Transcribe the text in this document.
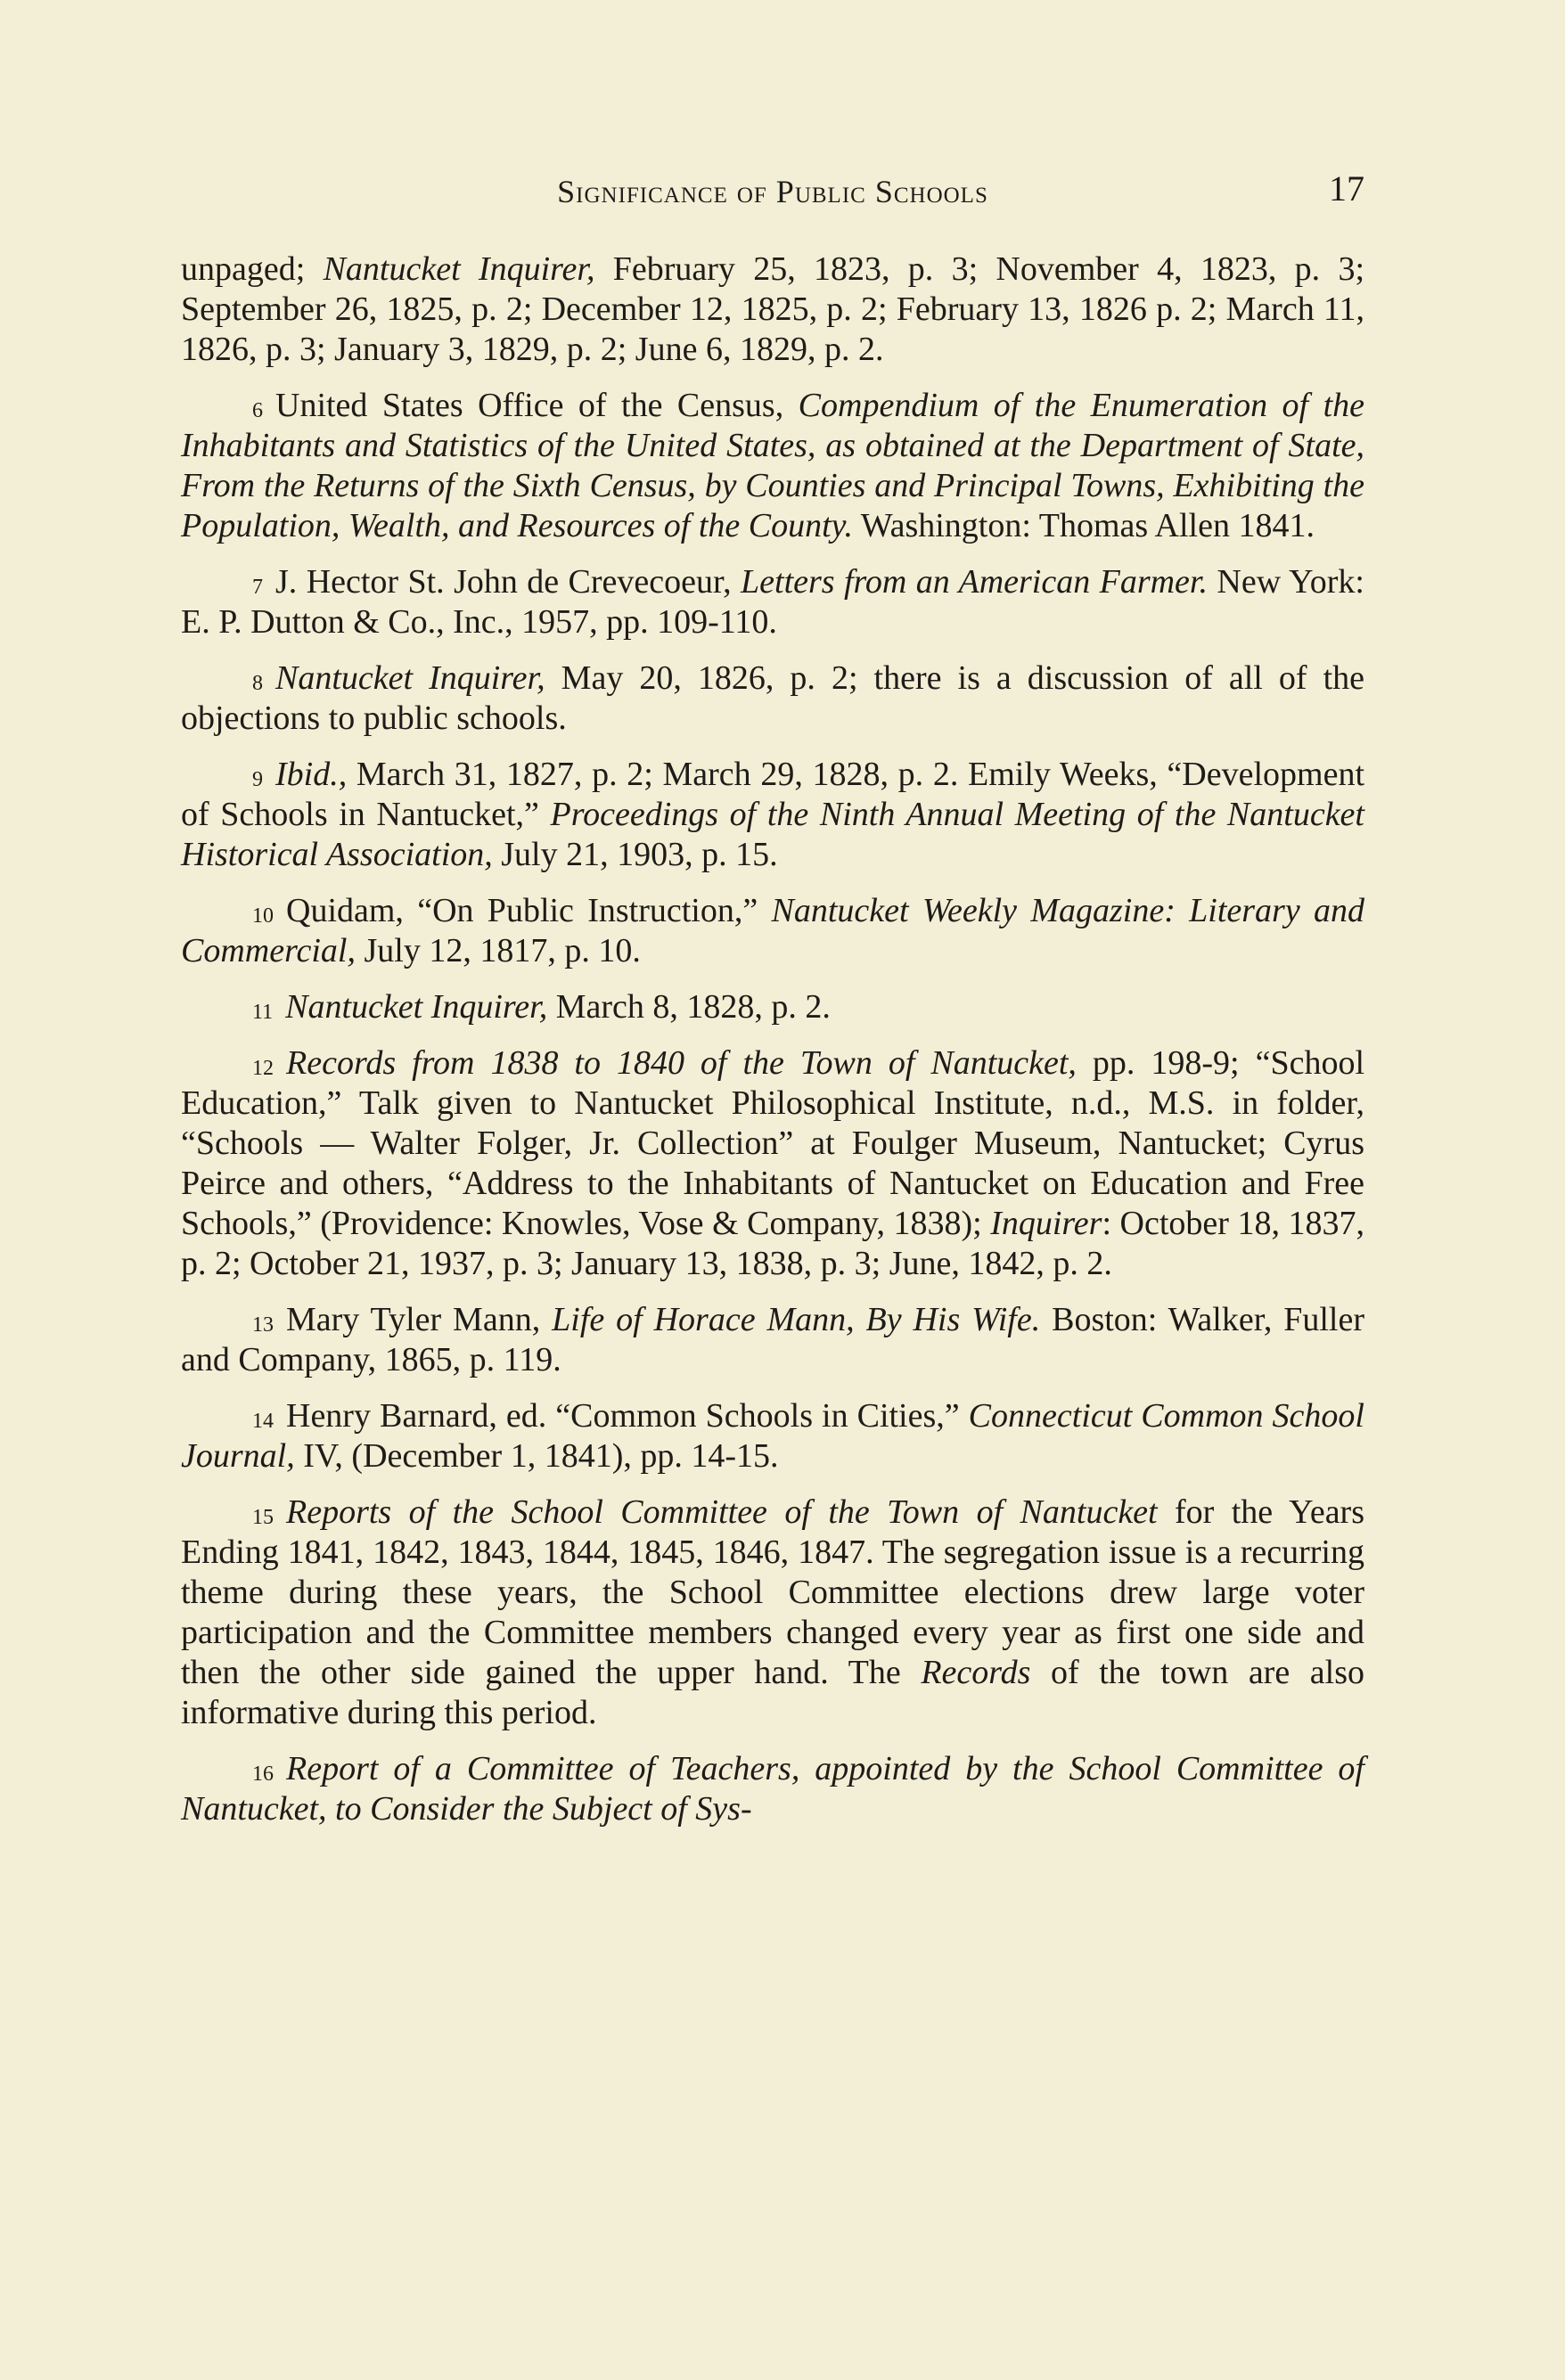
Significance of Public Schools	17

unpaged; Nantucket Inquirer, February 25, 1823, p. 3; November 4, 1823, p. 3; September 26, 1825, p. 2; December 12, 1825, p. 2; February 13, 1826 p. 2; March 11, 1826, p. 3; January 3, 1829, p. 2; June 6, 1829, p. 2.

$^6$ United States Office of the Census, Compendium of the Enumeration of the Inhabitants and Statistics of the United States, as obtained at the Department of State, From the Returns of the Sixth Census, by Counties and Principal Towns, Exhibiting the Population, Wealth, and Resources of the County. Washington: Thomas Allen 1841.

$^7$ J. Hector St. John de Crevecoeur, Letters from an American Farmer. New York: E. P. Dutton & Co., Inc., 1957, pp. 109-110.

$^8$ Nantucket Inquirer, May 20, 1826, p. 2; there is a discussion of all of the objections to public schools.

$^9$ Ibid., March 31, 1827, p. 2; March 29, 1828, p. 2. Emily Weeks, “Development of Schools in Nantucket,” Proceedings of the Ninth Annual Meeting of the Nantucket Historical Association, July 21, 1903, p. 15.

$^{10}$ Quidam, “On Public Instruction,” Nantucket Weekly Magazine: Literary and Commercial, July 12, 1817, p. 10.

$^{11}$ Nantucket Inquirer, March 8, 1828, p. 2.

$^{12}$ Records from 1838 to 1840 of the Town of Nantucket, pp. 198-9; “School Education,” Talk given to Nantucket Philosophical Institute, n.d., M.S. in folder, “Schools — Walter Folger, Jr. Collection” at Foulger Museum, Nantucket; Cyrus Peirce and others, “Address to the Inhabitants of Nantucket on Education and Free Schools,” (Providence: Knowles, Vose & Company, 1838); Inquirer: October 18, 1837, p. 2; October 21, 1937, p. 3; January 13, 1838, p. 3; June, 1842, p. 2.

$^{13}$ Mary Tyler Mann, Life of Horace Mann, By His Wife. Boston: Walker, Fuller and Company, 1865, p. 119.

$^{14}$ Henry Barnard, ed. “Common Schools in Cities,” Connecticut Common School Journal, IV, (December 1, 1841), pp. 14-15.

$^{15}$ Reports of the School Committee of the Town of Nantucket for the Years Ending 1841, 1842, 1843, 1844, 1845, 1846, 1847. The segregation issue is a recurring theme during these years, the School Committee elections drew large voter participation and the Committee members changed every year as first one side and then the other side gained the upper hand. The Records of the town are also informative during this period.

$^{16}$ Report of a Committee of Teachers, appointed by the School Committee of Nantucket, to Consider the Subject of Sys-
